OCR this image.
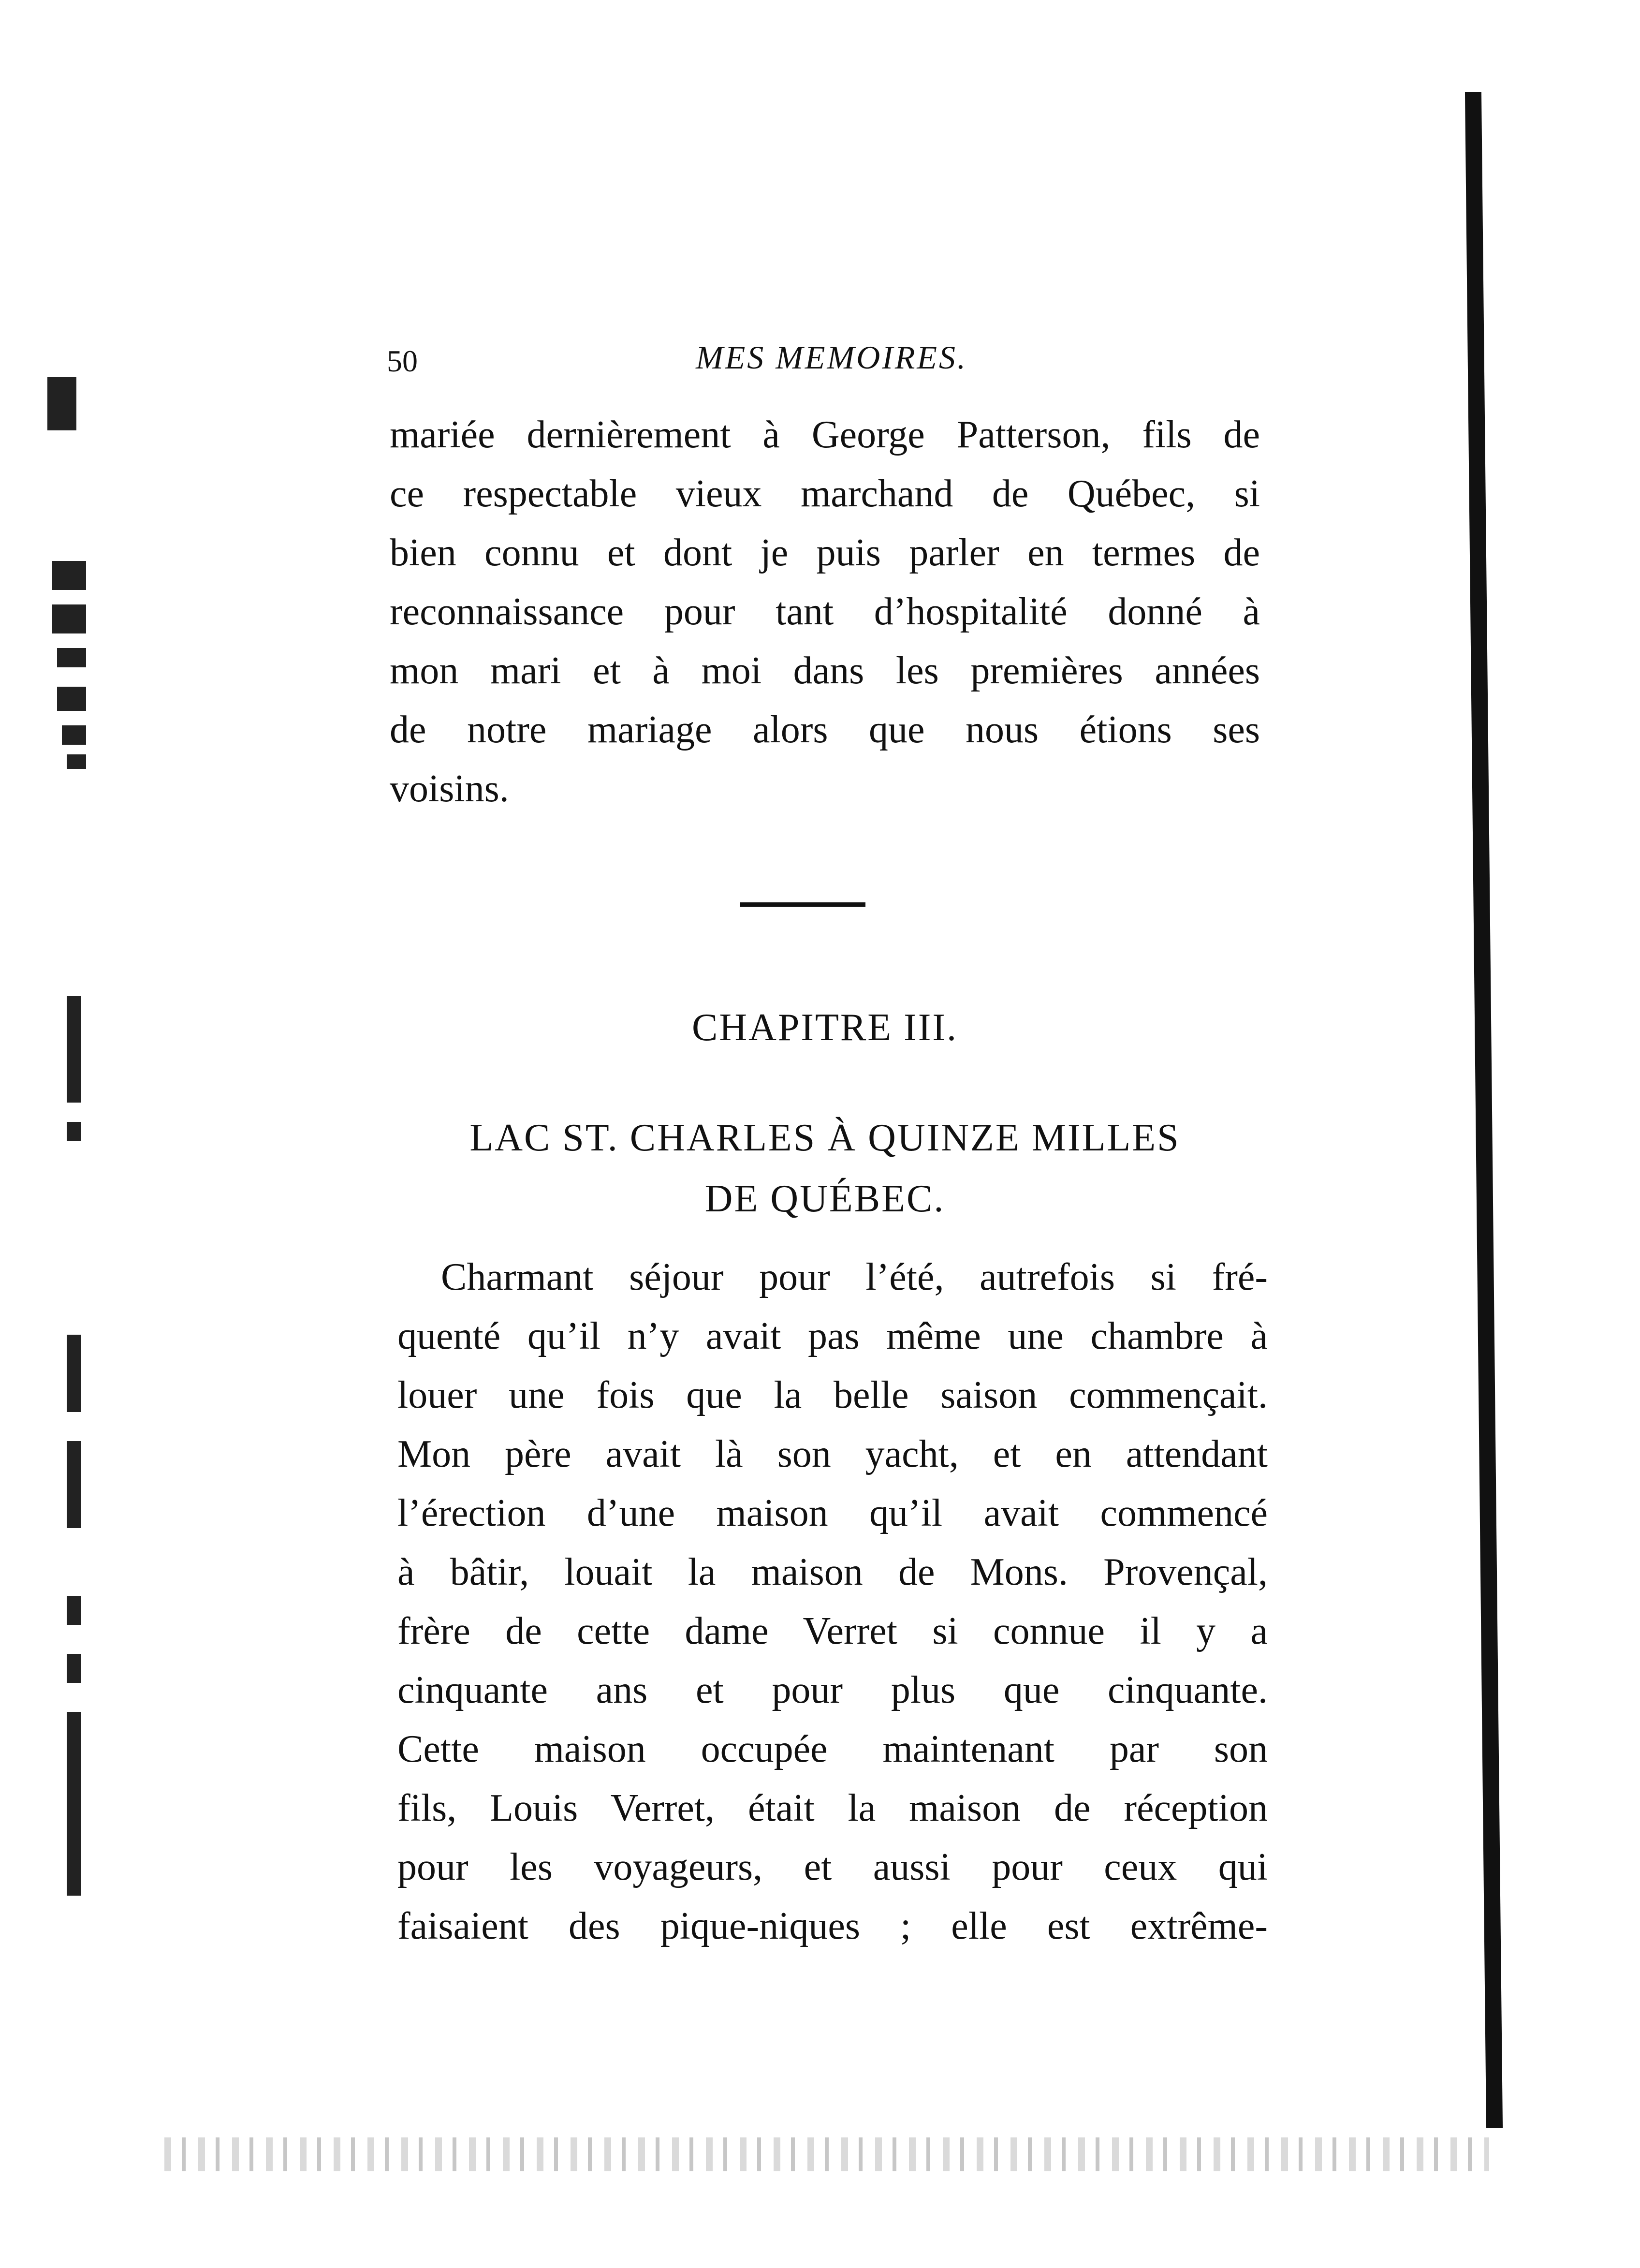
50	MES MEMOIRES.
mariée dernièrement à George Patterson, fils de
ce respectable vieux marchand de Québec, si
bien connu et dont je puis parler en termes de
reconnaissance pour tant d’hospitalité donné à
mon mari et à moi dans les premières années
de notre mariage alors que nous étions ses
voisins.
CHAPITRE III.
LAC ST. CHARLES À QUINZE MILLES
DE QUÉBEC.
Charmant séjour pour l’été, autrefois si fré-
quenté qu’il n’y avait pas même une chambre à
louer une fois que la belle saison commençait.
Mon père avait là son yacht, et en attendant
l’érection d’une maison qu’il avait commencé
à bâtir, louait la maison de Mons. Provençal,
frère de cette dame Verret si connue il y a
cinquante ans et pour plus que cinquante.
Cette maison occupée maintenant par son
fils, Louis Verret, était la maison de réception
pour les voyageurs, et aussi pour ceux qui
faisaient des pique-niques ; elle est extrême-
